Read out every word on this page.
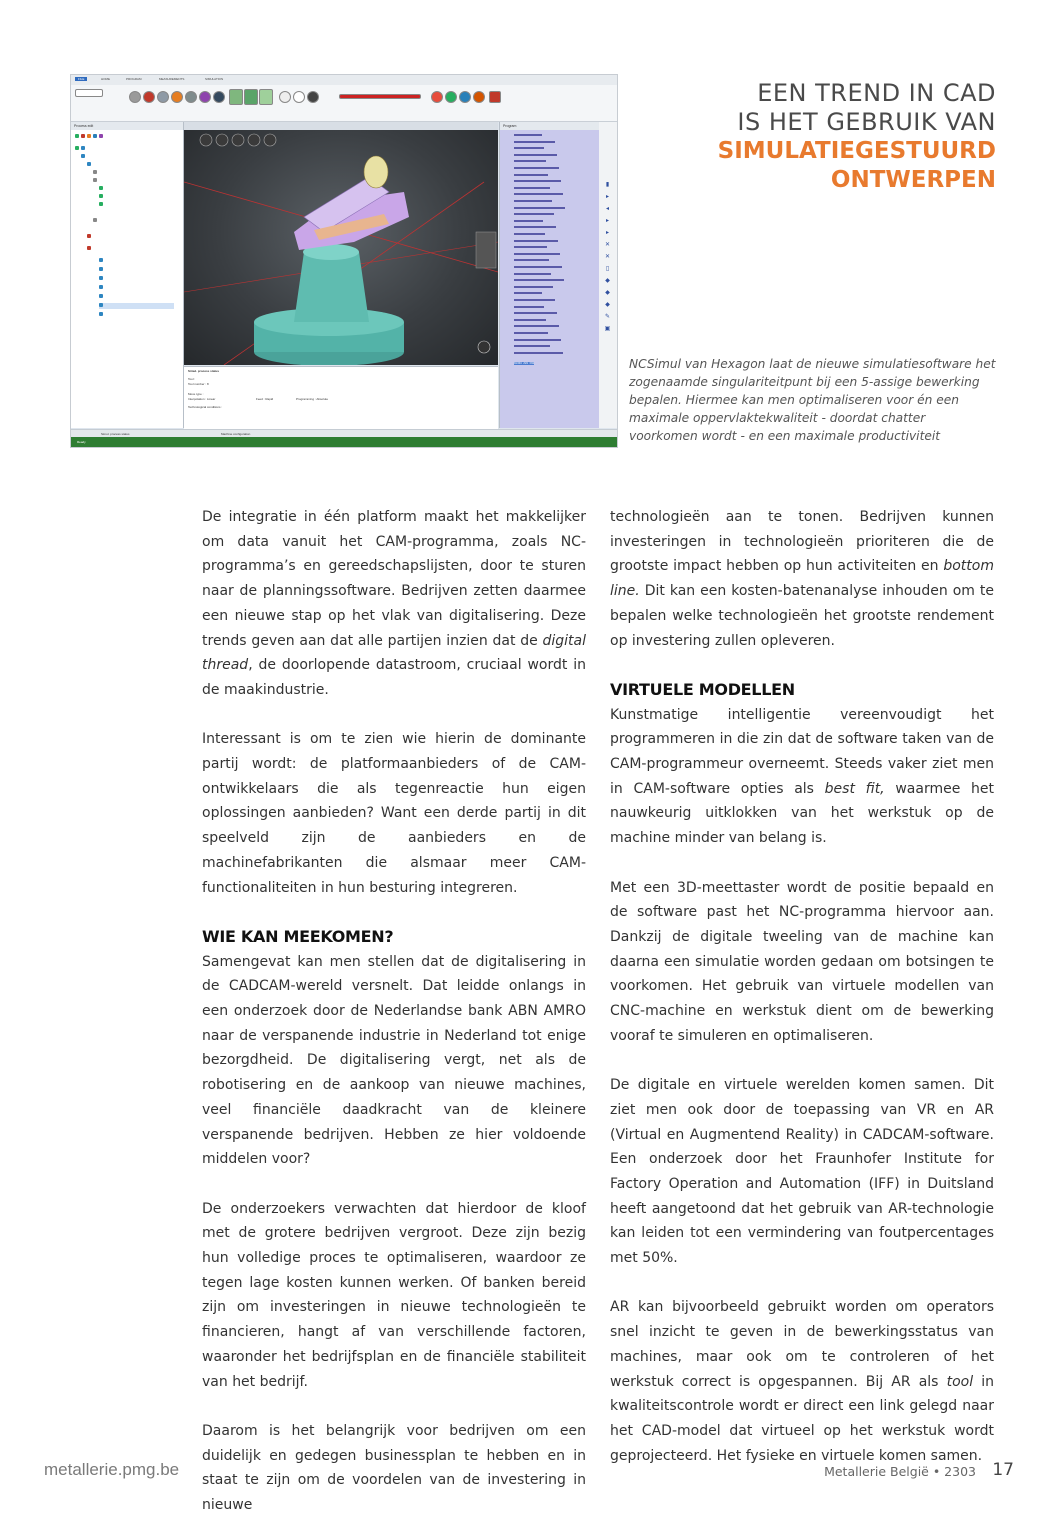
FILE	HOME	PROGRAM	MEASUREMENTS	SIMULATION
Process edit
Simul. process status
Tool :
Tool number : 8
Move type :
Interpolation : Linear	Feed : Rapid	Programming : Absolute
Technological conditions :
Program
N1360 Z20 F60
▮
▸
◂
▸
▸
✕
✕
▯
◆
◆
◆
✎
▣
Simul. process status	Machine configuration
Ready
EEN TREND IN CAD
IS HET GEBRUIK VAN
SIMULATIEGESTUURD
ONTWERPEN
NCSimul van Hexagon laat de nieuwe simulatiesoftware het zogenaamde singulariteitpunt bij een 5-assige bewerking bepalen. Hiermee kan men optimaliseren voor én een maximale oppervlaktekwaliteit - doordat chatter voorkomen wordt - en een maximale productiviteit

De integratie in één platform maakt het makkelijker om data vanuit het CAM-programma, zoals NC-programma’s en gereedschapslijsten, door te sturen naar de planningssoftware. Bedrijven zetten daarmee een nieuwe stap op het vlak van digitalisering. Deze trends geven aan dat alle partijen inzien dat de digital thread, de doorlopende datastroom, cruciaal wordt in de maakindustrie.

Interessant is om te zien wie hierin de dominante partij wordt: de platformaanbieders of de CAM-ontwikkelaars die als tegenreactie hun eigen oplossingen aanbieden? Want een derde partij in dit speelveld zijn de aanbieders en de machinefabrikanten die alsmaar meer CAM-functionaliteiten in hun besturing integreren.

WIE KAN MEEKOMEN?

Samengevat kan men stellen dat de digitalisering in de CADCAM-wereld versnelt. Dat leidde onlangs in een onderzoek door de Nederlandse bank ABN AMRO naar de verspanende industrie in Nederland tot enige bezorgdheid. De digitalisering vergt, net als de robotisering en de aankoop van nieuwe machines, veel financiële daadkracht van de kleinere verspanende bedrijven. Hebben ze hier voldoende middelen voor?

De onderzoekers verwachten dat hierdoor de kloof met de grotere bedrijven vergroot. Deze zijn bezig hun volledige proces te optimaliseren, waardoor ze tegen lage kosten kunnen werken. Of banken bereid zijn om investeringen in nieuwe technologieën te financieren, hangt af van verschillende factoren, waaronder het bedrijfsplan en de financiële stabiliteit van het bedrijf.

Daarom is het belangrijk voor bedrijven om een duidelijk en gedegen businessplan te hebben en in staat te zijn om de voordelen van de investering in nieuwe

technologieën aan te tonen. Bedrijven kunnen investeringen in technologieën prioriteren die de grootste impact hebben op hun activiteiten en bottom line. Dit kan een kosten-batenanalyse inhouden om te bepalen welke technologieën het grootste rendement op investering zullen opleveren.

VIRTUELE MODELLEN

Kunstmatige intelligentie vereenvoudigt het programmeren in die zin dat de software taken van de CAM-programmeur overneemt. Steeds vaker ziet men in CAM-software opties als best fit, waarmee het nauwkeurig uitklokken van het werkstuk op de machine minder van belang is.

Met een 3D-meettaster wordt de positie bepaald en de software past het NC-programma hiervoor aan. Dankzij de digitale tweeling van de machine kan daarna een simulatie worden gedaan om botsingen te voorkomen. Het gebruik van virtuele modellen van CNC-machine en werkstuk dient om de bewerking vooraf te simuleren en optimaliseren.

De digitale en virtuele werelden komen samen. Dit ziet men ook door de toepassing van VR en AR (Virtual en Augmentend Reality) in CADCAM-software. Een onderzoek door het Fraunhofer Institute for Factory Operation and Automation (IFF) in Duitsland heeft aangetoond dat het gebruik van AR-technologie kan leiden tot een vermindering van foutpercentages met 50%.

AR kan bijvoorbeeld gebruikt worden om operators snel inzicht te geven in de bewerkingsstatus van machines, maar ook om te controleren of het werkstuk correct is opgespannen. Bij AR als tool in kwaliteitscontrole wordt er direct een link gelegd naar het CAD-model dat virtueel op het werkstuk wordt geprojecteerd. Het fysieke en virtuele komen samen.

metallerie.pmg.be	Metallerie België • 2303 17
